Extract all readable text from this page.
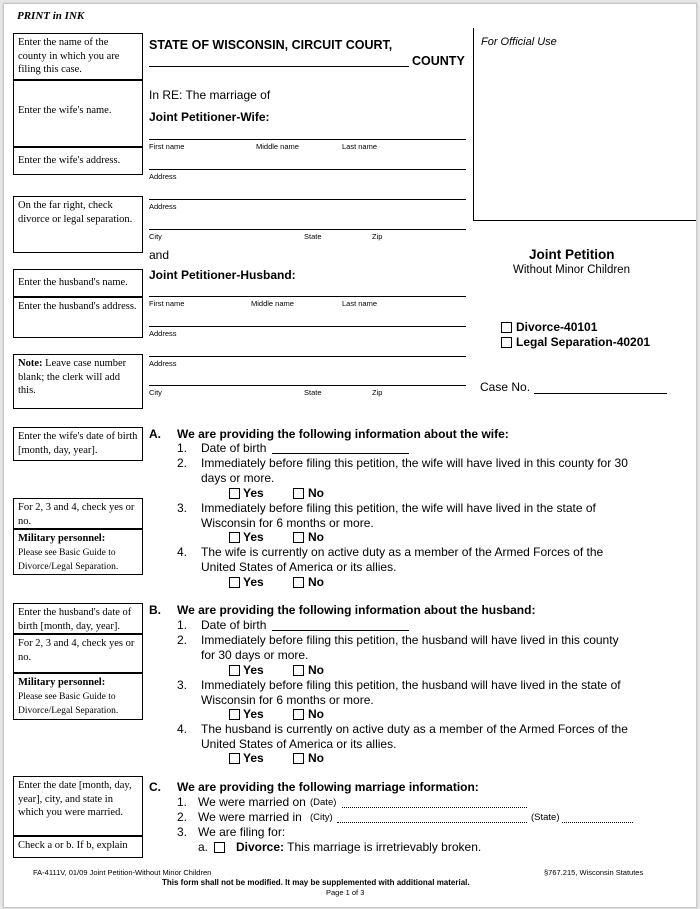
PRINT in INK
STATE OF WISCONSIN, CIRCUIT COURT,
COUNTY
For Official Use
In RE: The marriage of
Joint Petitioner-Wife:
First name	Middle name	Last name
Address
Address
City	State	Zip
and
Joint Petitioner-Husband:
First name	Middle name	Last name
Address
Address
City	State	Zip
Joint Petition
Without Minor Children
Divorce-40101
Legal Separation-40201
Case No.
Enter the name of the county in which you are filing this case.
Enter the wife's name.
Enter the wife's address.
On the far right, check divorce or legal separation.
Enter the husband's name.
Enter the husband's address.
Note: Leave case number blank; the clerk will add this.
Enter the wife's date of birth [month, day, year].
For 2, 3 and 4, check yes or no.
Military personnel:
Please see Basic Guide to Divorce/Legal Separation.
Enter the husband's date of birth [month, day, year].
For 2, 3 and 4, check yes or no.
Military personnel:
Please see Basic Guide to Divorce/Legal Separation.
Enter the date [month, day, year], city, and state in which you were married.
Check a or b. If b, explain
A. We are providing the following information about the wife:
1. Date of birth
2. Immediately before filing this petition, the wife will have lived in this county for 30
days or more.
Yes	No
3. Immediately before filing this petition, the wife will have lived in the state of
Wisconsin for 6 months or more.
Yes	No
4. The wife is currently on active duty as a member of the Armed Forces of the
United States of America or its allies.
Yes	No
B. We are providing the following information about the husband:
1. Date of birth
2. Immediately before filing this petition, the husband will have lived in this county
for 30 days or more.
Yes	No
3. Immediately before filing this petition, the husband will have lived in the state of
Wisconsin for 6 months or more.
Yes	No
4. The husband is currently on active duty as a member of the Armed Forces of the
United States of America or its allies.
Yes	No
C. We are providing the following marriage information:
1. We were married on (Date)
2. We were married in (City)	(State)
3. We are filing for:
a. Divorce: This marriage is irretrievably broken.
FA-4111V, 01/09 Joint Petition-Without Minor Children	§767.215, Wisconsin Statutes
This form shall not be modified. It may be supplemented with additional material.
Page 1 of 3
